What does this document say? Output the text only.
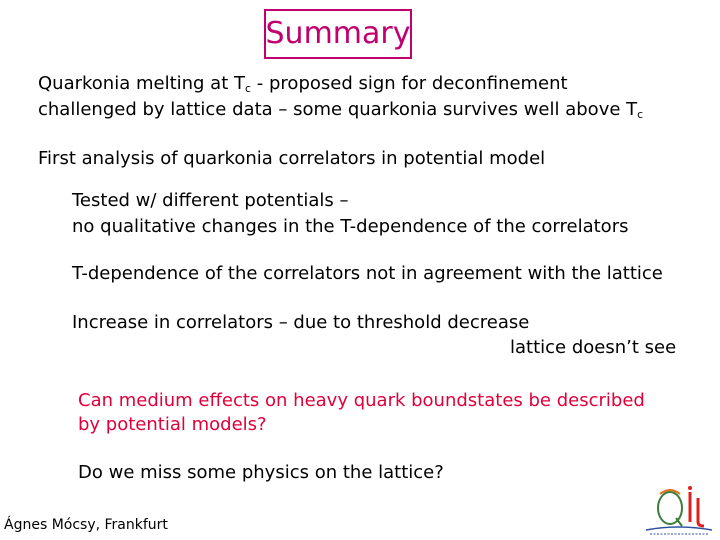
Summary
Quarkonia melting at $T_c$ - proposed sign for deconfinement
challenged by lattice data – some quarkonia survives well above $T_c$
First analysis of quarkonia correlators in potential model
Tested w/ different potentials –
no qualitative changes in the T-dependence of the correlators
T-dependence of the correlators not in agreement with the lattice
Increase in correlators – due to threshold decrease
lattice doesn’t see
Can medium effects on heavy quark boundstates be described
by potential models?
Do we miss some physics on the lattice?
Ágnes Mócsy, Frankfurt
